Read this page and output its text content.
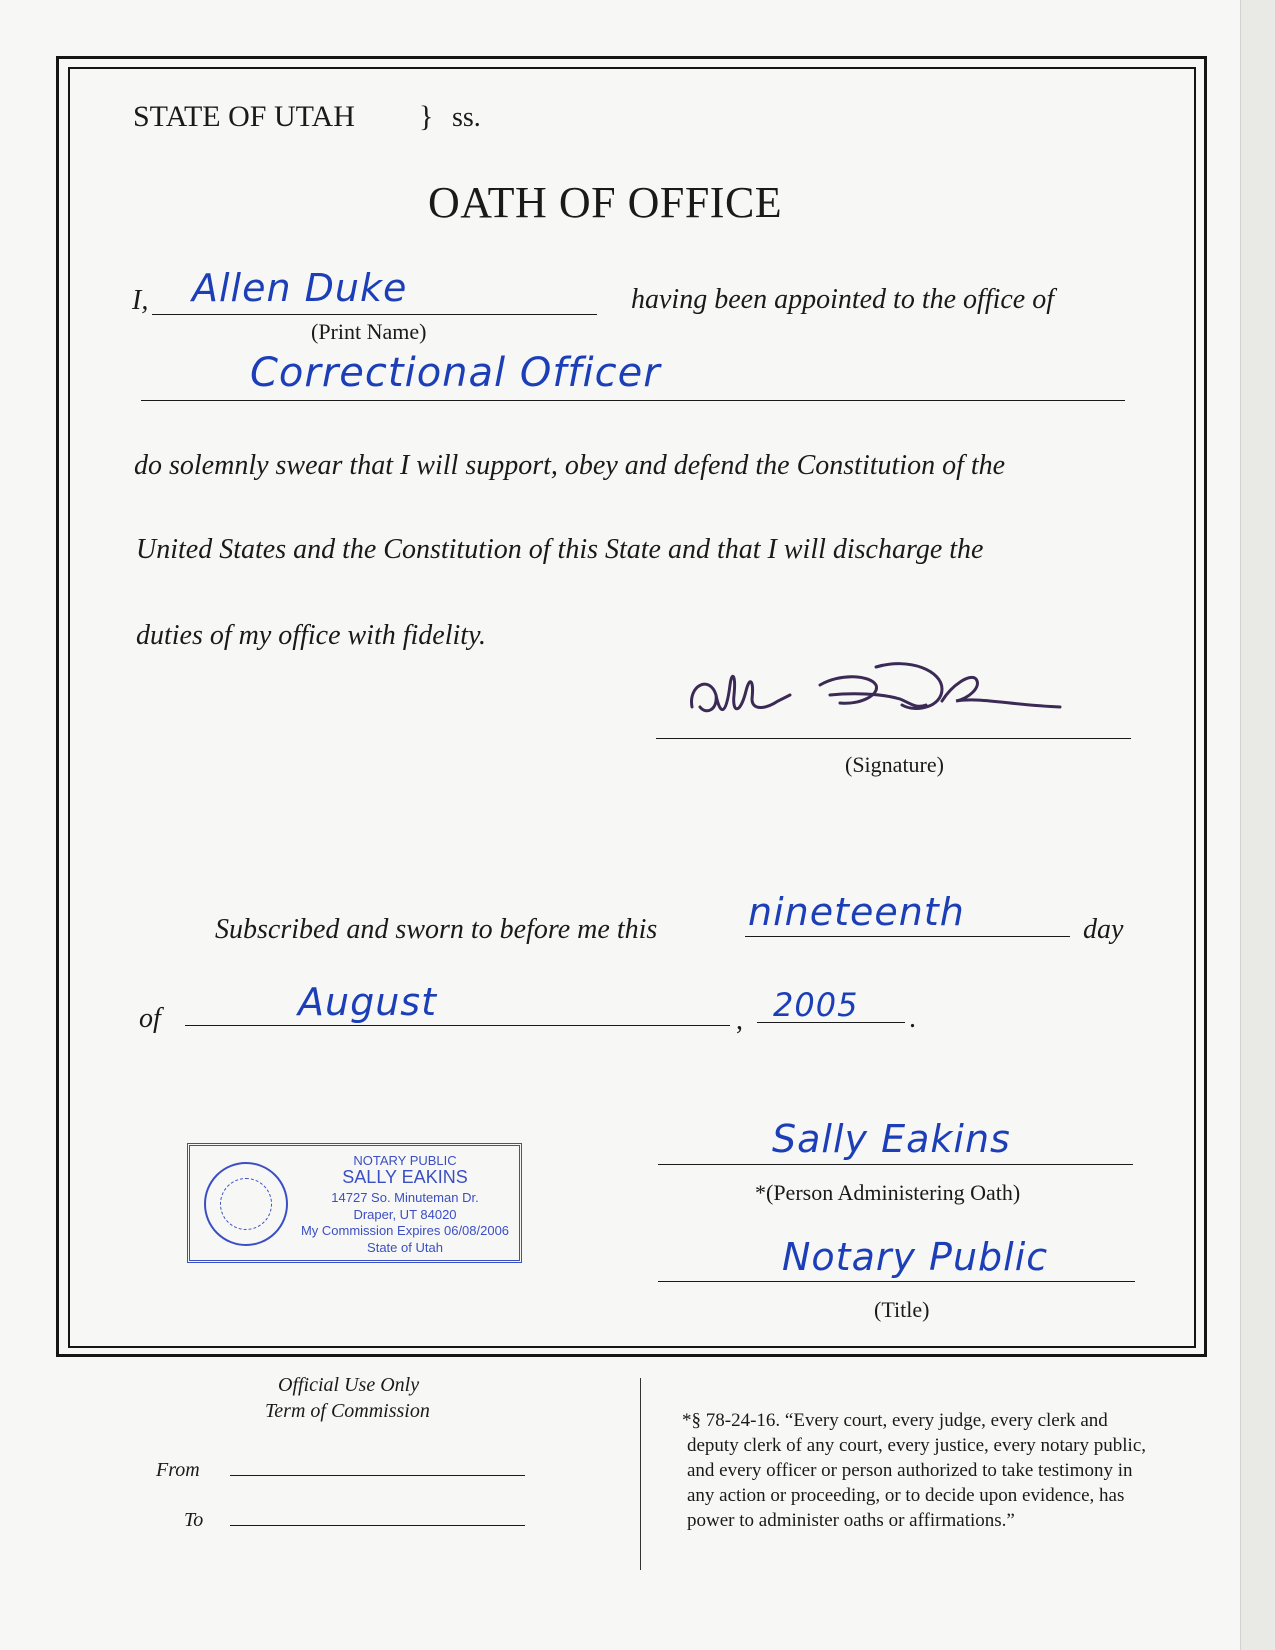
STATE OF UTAH } ss.
OATH OF OFFICE
I, Allen Duke
(Print Name)
having been appointed to the office of
Correctional Officer
do solemnly swear that I will support, obey and defend the Constitution of the
United States and the Constitution of this State and that I will discharge the
duties of my office with fidelity.
(Signature)
Subscribed and sworn to before me this nineteenth	day
of	August	, 2005 .
NOTARY PUBLIC
SALLY EAKINS
14727 So. Minuteman Dr.
Draper, UT 84020
My Commission Expires 06/08/2006
State of Utah
Sally Eakins
*(Person Administering Oath)
Notary Public
(Title)
Official Use Only
Term of Commission
From
To
*§ 78-24-16. “Every court, every judge, every clerk and
deputy clerk of any court, every justice, every notary public,
and every officer or person authorized to take testimony in
any action or proceeding, or to decide upon evidence, has
power to administer oaths or affirmations.”
